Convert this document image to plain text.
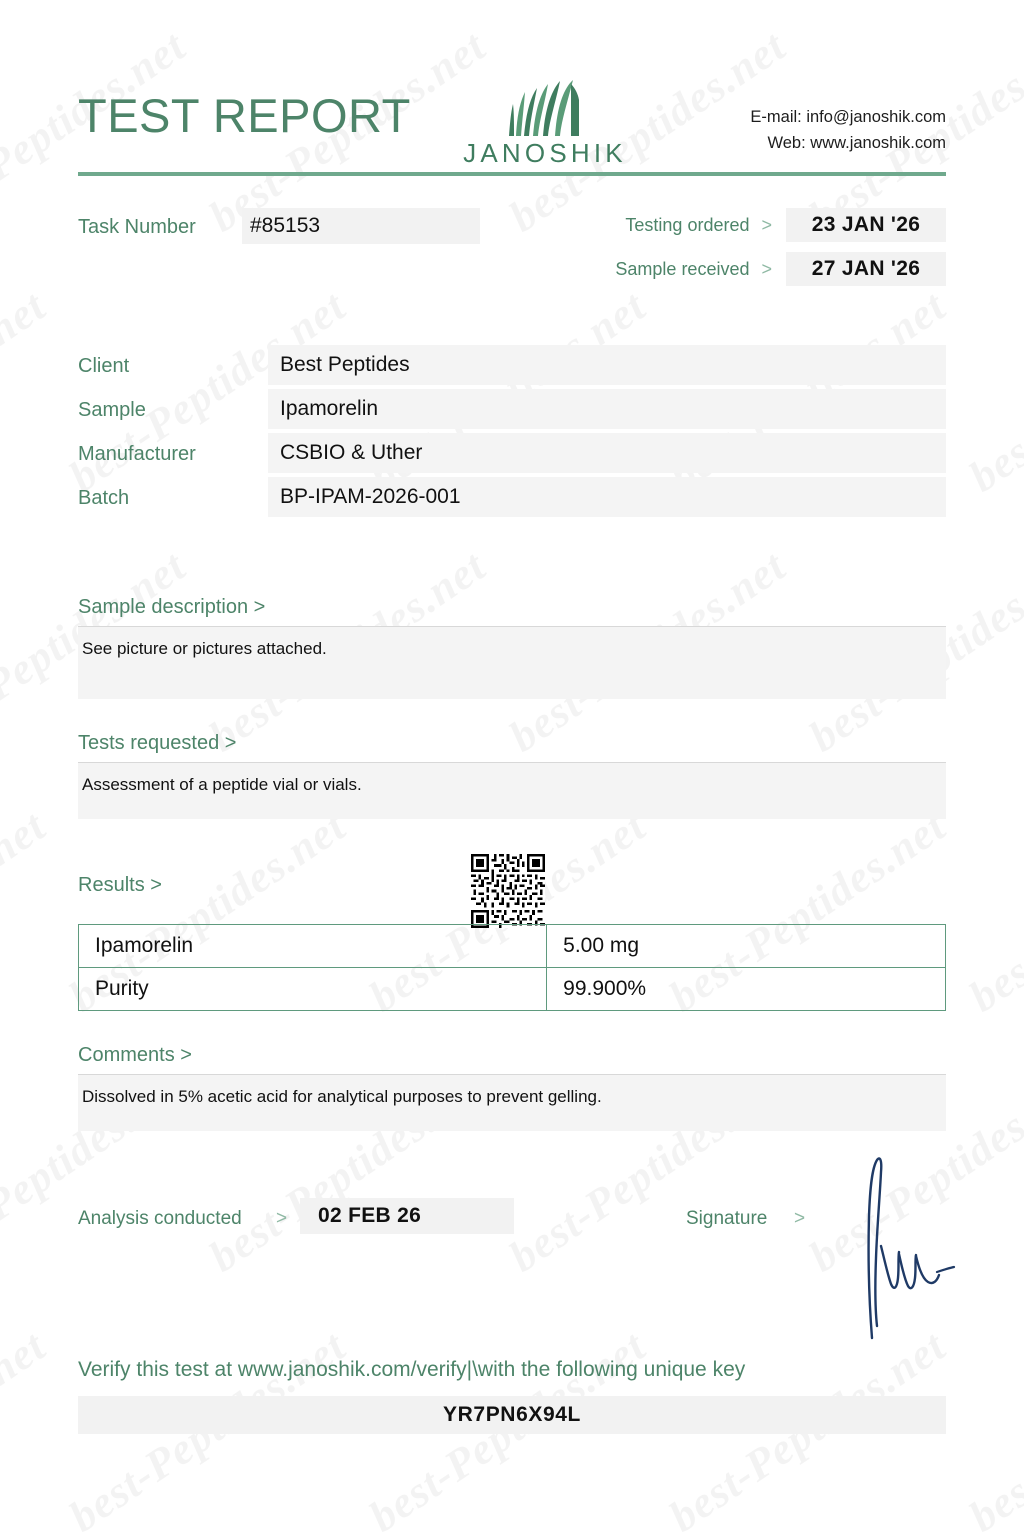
TEST REPORT
JANOSHIK
E-mail: info@janoshik.com
Web: www.janoshik.com
Task Number	#85153	Testing ordered > 23 JAN '26
Sample received > 27 JAN '26
Client	Best Peptides
Sample	Ipamorelin
Manufacturer	CSBIO & Uther
Batch	BP-IPAM-2026-001
Sample description >
See picture or pictures attached.
Tests requested >
Assessment of a peptide vial or vials.
Results >
Ipamorelin	5.00 mg
Purity	99.900%
Comments >
Dissolved in 5% acetic acid for analytical purposes to prevent gelling.
Analysis conducted > 02 FEB 26	Signature >
Verify this test at www.janoshik.com/verify|\with the following unique key
YR7PN6X94L
